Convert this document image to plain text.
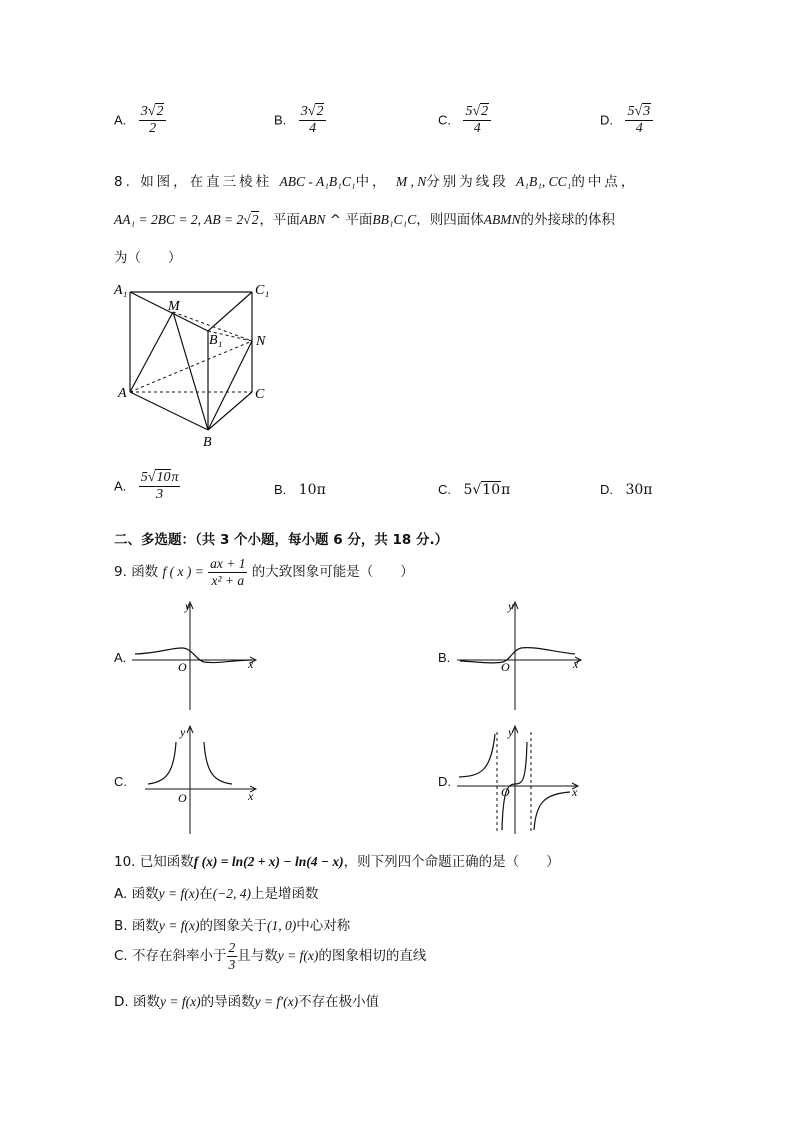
A. $\frac{3√2}{2}$	B. $\frac{3√2}{4}$	C. $\frac{5√2}{4}$	D. $\frac{5√3}{4}$
8. 如图，在直三棱柱 ABC - A₁B₁C₁中， M , N分别为线段 A₁B₁, CC₁的中点，
AA₁ = 2BC = 2, AB = 2√2，平面ABN ^ 平面BB₁C₁C，则四面体ABMN的外接球的体积
为（　　）
A₁	C₁
M
B₁ N
A	C
B
A. $\frac{5√10\pi}{3}$	B. 10π	C. 5√10π	D. 30π
二、多选题：（共 3 个小题，每小题 6 分，共 18 分.）
9. 函数 f ( x ) = $\frac{ax + 1}{\text{x² + a}}$ 的大致图象可能是（　　）
A.
y
O	x	B.
y
O	x
C.
y
O	x
D.
y
O	x
10. 已知函数f (x) = ln(2 + x) − ln(4 − x)，则下列四个命题正确的是（　　）
A. 函数y = f(x)在(−2, 4)上是增函数
B. 函数y = f(x)的图象关于(1, 0)中心对称
C. 不存在斜率小于 $\frac{2}{3}$ 且与数y = f(x)的图象相切的直线
D. 函数y = f(x)的导函数y = f′(x)不存在极小值
